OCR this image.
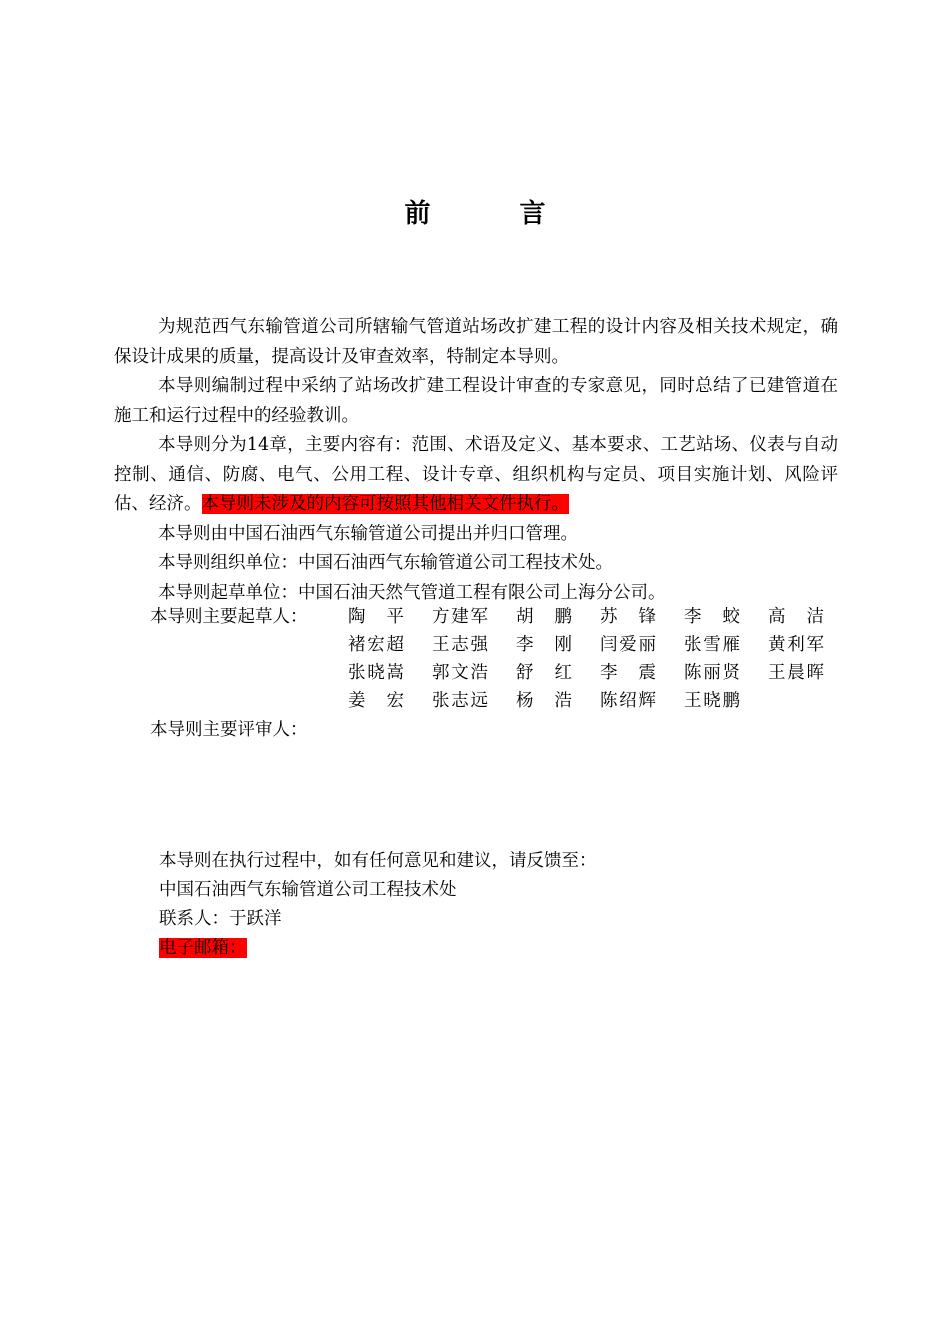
前 言

为规范西气东输管道公司所辖输气管道站场改扩建工程的设计内容及相关技术规定，确保设计成果的质量，提高设计及审查效率，特制定本导则。

本导则编制过程中采纳了站场改扩建工程设计审查的专家意见，同时总结了已建管道在施工和运行过程中的经验教训。

本导则分为14章，主要内容有：范围、术语及定义、基本要求、工艺站场、仪表与自动控制、通信、防腐、电气、公用工程、设计专章、组织机构与定员、项目实施计划、风险评估、经济。本导则未涉及的内容可按照其他相关文件执行。

本导则由中国石油西气东输管道公司提出并归口管理。

本导则组织单位：中国石油西气东输管道公司工程技术处。

本导则起草单位：中国石油天然气管道工程有限公司上海分公司。

本导则主要起草人：	陶平 方建军 胡鹏 苏锋 李蛟 高洁
褚宏超 王志强 李刚 闫爱丽 张雪雁 黄利军
张晓嵩 郭文浩 舒红 李震 陈丽贤 王晨晖
姜宏 张志远 杨浩 陈绍辉 王晓鹏
本导则主要评审人：
本导则在执行过程中，如有任何意见和建议，请反馈至：
中国石油西气东输管道公司工程技术处
联系人：于跃洋
电子邮箱：
